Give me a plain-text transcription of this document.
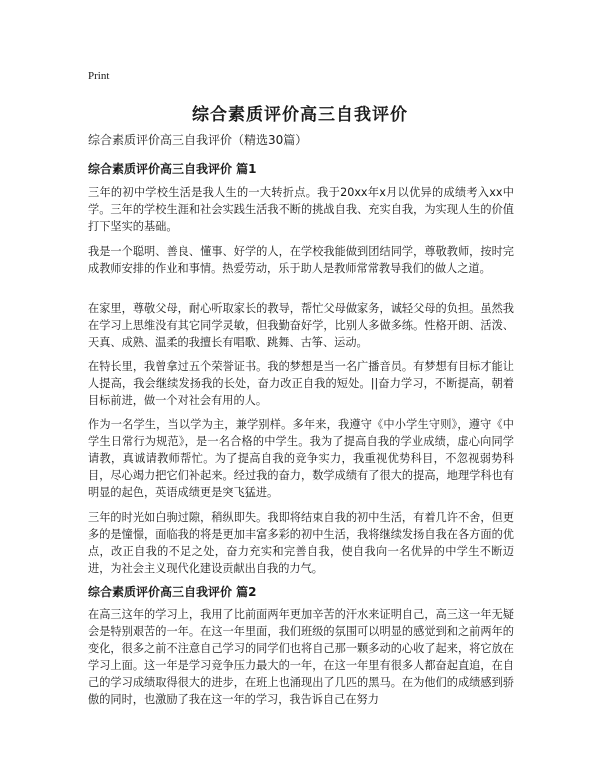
Print
综合素质评价高三自我评价
综合素质评价高三自我评价（精选30篇）
综合素质评价高三自我评价 篇1
三年的初中学校生活是我人生的一大转折点。我于20xx年x月以优异的成绩考入xx中学。三年的学校生涯和社会实践生活我不断的挑战自我、充实自我，为实现人生的价值打下坚实的基础。
我是一个聪明、善良、懂事、好学的人，在学校我能做到团结同学，尊敬教师，按时完成教师安排的作业和事情。热爱劳动，乐于助人是教师常常教导我们的做人之道。
在家里，尊敬父母，耐心听取家长的教导，帮忙父母做家务，诚轻父母的负担。虽然我在学习上思维没有其它同学灵敏，但我勤奋好学，比别人多做多练。性格开朗、活泼、天真、成熟、温柔的我擅长有唱歌、跳舞、古筝、运动。
在特长里，我曾拿过五个荣誉证书。我的梦想是当一名广播音员。有梦想有目标才能让人提高，我会继续发扬我的长处，奋力改正自我的短处。||奋力学习，不断提高，朝着目标前进，做一个对社会有用的人。
作为一名学生，当以学为主，兼学别样。多年来，我遵守《中小学生守则》，遵守《中学生日常行为规范》，是一名合格的中学生。我为了提高自我的学业成绩，虚心向同学请教，真诚请教师帮忙。为了提高自我的竞争实力，我重视优势科目，不忽视弱势科目，尽心竭力把它们补起来。经过我的奋力，数学成绩有了很大的提高，地理学科也有明显的起色，英语成绩更是突飞猛进。
三年的时光如白驹过隙，稍纵即失。我即将结束自我的初中生活，有着几许不舍，但更多的是憧憬，面临我的将是更加丰富多彩的初中生活，我将继续发扬自我在各方面的优点，改正自我的不足之处，奋力充实和完善自我，使自我向一名优异的中学生不断迈进，为社会主义现代化建设贡献出自我的力气。
综合素质评价高三自我评价 篇2
在高三这年的学习上，我用了比前面两年更加辛苦的汗水来证明自己，高三这一年无疑会是特别艰苦的一年。在这一年里面，我们班级的氛围可以明显的感觉到和之前两年的变化，很多之前不注意自己学习的同学们也将自己那一颗多动的心收了起来，将它放在学习上面。这一年是学习竞争压力最大的一年，在这一年里有很多人都奋起直追，在自己的学习成绩取得很大的进步，在班上也涌现出了几匹的黑马。在为他们的成绩感到骄傲的同时，也激励了我在这一年的学习，我告诉自己在努力
